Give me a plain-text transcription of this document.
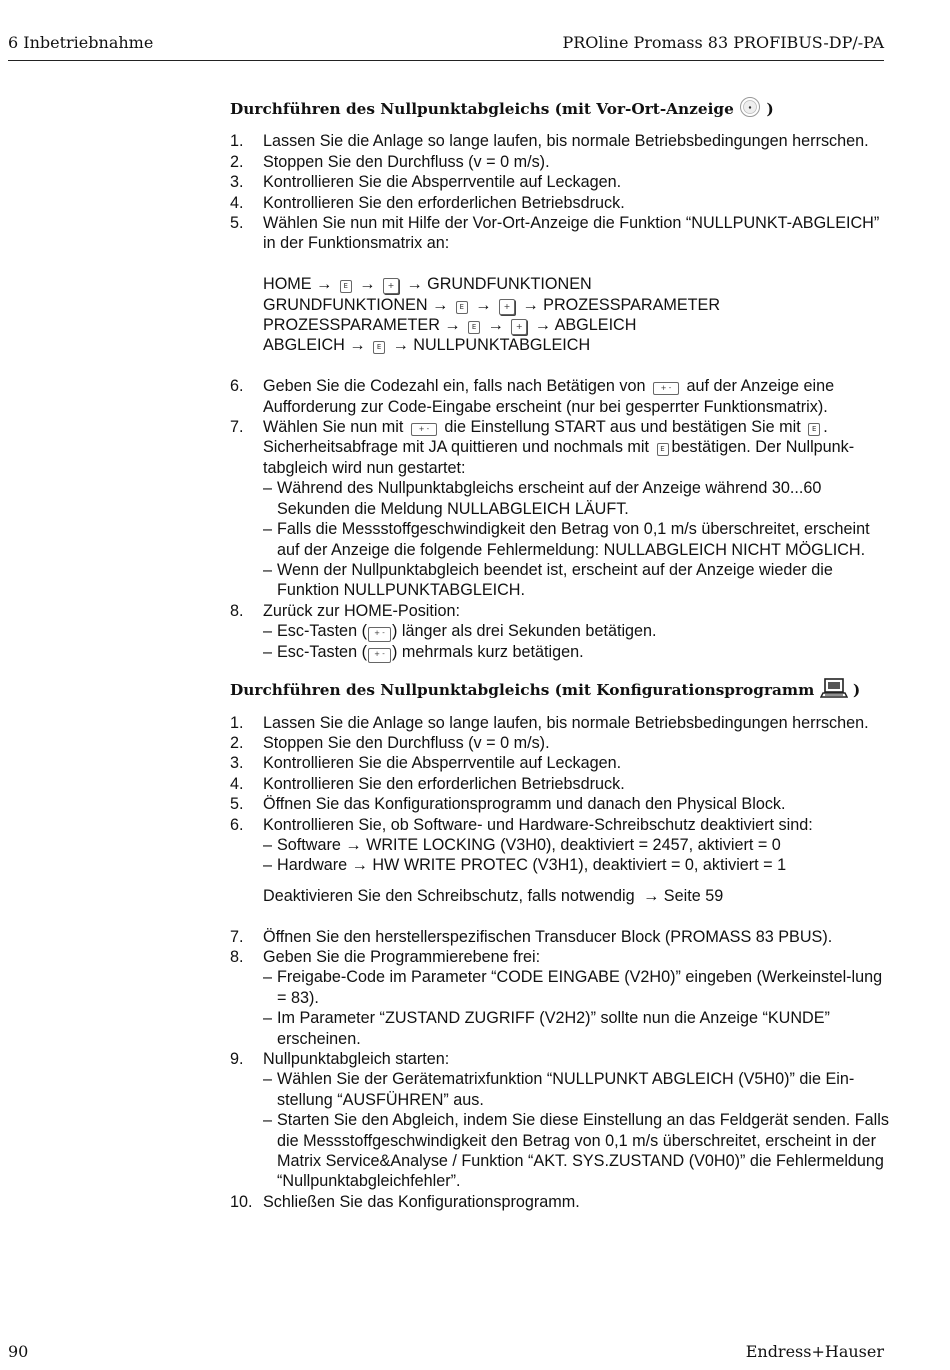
6 Inbetriebnahme	PROline Promass 83 PROFIBUS-DP/-PA
Durchführen des Nullpunktabgleichs (mit Vor-Ort-Anzeige )
1. Lassen Sie die Anlage so lange laufen, bis normale Betriebsbedingungen herrschen.
2. Stoppen Sie den Durchfluss (v = 0 m/s).
3. Kontrollieren Sie die Absperrventile auf Leckagen.
4. Kontrollieren Sie den erforderlichen Betriebsdruck.
5. Wählen Sie nun mit Hilfe der Vor-Ort-Anzeige die Funktion “NULLPUNKT-ABGLEICH” in der Funktionsmatrix an:
HOME → E → + → GRUNDFUNKTIONEN
GRUNDFUNKTIONEN → E → + → PROZESSPARAMETER
PROZESSPARAMETER → E → + → ABGLEICH
ABGLEICH → E → NULLPUNKTABGLEICH
6. Geben Sie die Codezahl ein, falls nach Betätigen von + - auf der Anzeige eine Aufforderung zur Code-Eingabe erscheint (nur bei gesperrter Funktionsmatrix).
7. Wählen Sie nun mit + - die Einstellung START aus und bestätigen Sie mit E . Sicherheitsabfrage mit JA quittieren und nochmals mit E bestätigen. Der Nullpunk-tabgleich wird nun gestartet:
– Während des Nullpunktabgleichs erscheint auf der Anzeige während 30...60 Sekunden die Meldung NULLABGLEICH LÄUFT.
– Falls die Messstoffgeschwindigkeit den Betrag von 0,1 m/s überschreitet, erscheint auf der Anzeige die folgende Fehlermeldung: NULLABGLEICH NICHT MÖGLICH.
– Wenn der Nullpunktabgleich beendet ist, erscheint auf der Anzeige wieder die Funktion NULLPUNKTABGLEICH.
8. Zurück zur HOME-Position:
– Esc-Tasten ( + - ) länger als drei Sekunden betätigen.
– Esc-Tasten ( + - ) mehrmals kurz betätigen.
Durchführen des Nullpunktabgleichs (mit Konfigurationsprogramm	)
1. Lassen Sie die Anlage so lange laufen, bis normale Betriebsbedingungen herrschen.
2. Stoppen Sie den Durchfluss (v = 0 m/s).
3. Kontrollieren Sie die Absperrventile auf Leckagen.
4. Kontrollieren Sie den erforderlichen Betriebsdruck.
5. Öffnen Sie das Konfigurationsprogramm und danach den Physical Block.
6. Kontrollieren Sie, ob Software- und Hardware-Schreibschutz deaktiviert sind:
– Software → WRITE LOCKING (V3H0), deaktiviert = 2457, aktiviert = 0
– Hardware → HW WRITE PROTEC (V3H1), deaktiviert = 0, aktiviert = 1
Deaktivieren Sie den Schreibschutz, falls notwendig → Seite 59
7. Öffnen Sie den herstellerspezifischen Transducer Block (PROMASS 83 PBUS).
8. Geben Sie die Programmierebene frei:
– Freigabe-Code im Parameter “CODE EINGABE (V2H0)” eingeben (Werkeinstel-lung = 83).
– Im Parameter “ZUSTAND ZUGRIFF (V2H2)” sollte nun die Anzeige “KUNDE” erscheinen.
9. Nullpunktabgleich starten:
– Wählen Sie der Gerätematrixfunktion “NULLPUNKT ABGLEICH (V5H0)” die Ein-stellung “AUSFÜHREN” aus.
– Starten Sie den Abgleich, indem Sie diese Einstellung an das Feldgerät senden. Falls die Messstoffgeschwindigkeit den Betrag von 0,1 m/s überschreitet, erscheint in der Matrix Service&Analyse / Funktion “AKT. SYS.ZUSTAND (V0H0)” die Fehlermeldung “Nullpunktabgleichfehler”.
10. Schließen Sie das Konfigurationsprogramm.
90	Endress+Hauser
